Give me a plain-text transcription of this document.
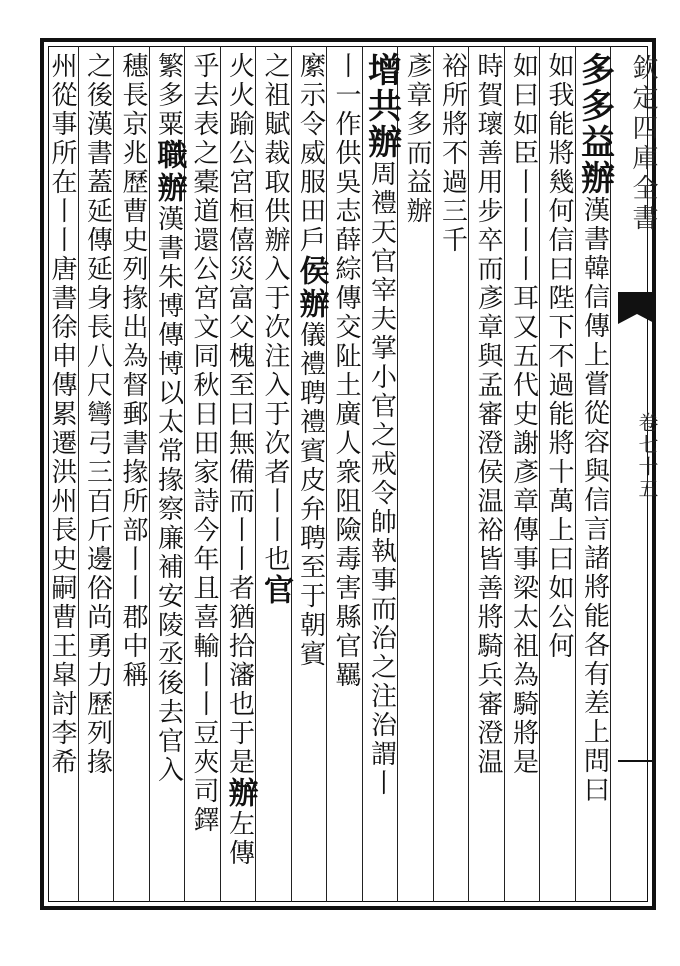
欽定四庫全書
卷七十五
多多益辦漢書韓信傳上嘗從容與信言諸將能各有差上問曰
如我能將幾何信曰陛下不過能將十萬上曰如公何
如曰如臣丨丨丨丨耳又五代史謝彥章傳事梁太祖為騎將是
時賀瓌善用步卒而彥章與孟審澄侯温裕皆善將騎兵審澄温
裕所將不過三千
彥章多而益辦
增共辦周禮天官宰夫掌小官之戒令帥執事而治之注治謂丨
丨一作供吳志薛綜傳交阯土廣人衆阻險毒害縣官羈
縻示令威服田戶侯辦儀禮聘禮賓皮弁聘至于朝賓
之祖賦裁取供辦入于次注入于次者丨丨也官
火火踰公宮桓僖災富父槐至曰無備而丨丨者猶拾瀋也于是辦左傳
乎去表之橐道還公宮文同秋日田家詩今年且喜輸丨丨豆夾司鐸
繁多粟職辦漢書朱博傳博以太常掾察廉補安陵丞後去官入
穗長京兆歷曹史列掾出為督郵書掾所部丨丨郡中稱
之後漢書蓋延傳延身長八尺彎弓三百斤邊俗尚勇力歷列掾
州從事所在丨丨唐書徐申傳累遷洪州長史嗣曹王皐討李希
